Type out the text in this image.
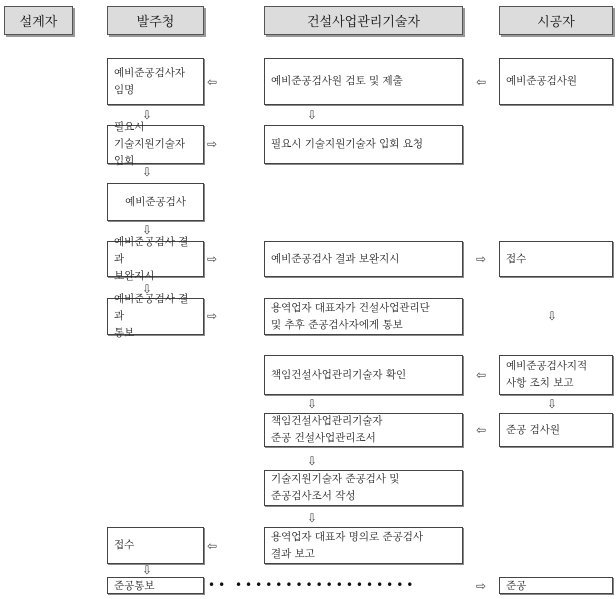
설계자	발주청	건설사업관리기술자	시공자
예비준공검사자 임명
예비준공검사원 검토 및 제출	예비준공검사원
⇦	⇦
⇩	⇩
필요시
기술지원기술자 입회
필요시 기술지원기술자 입회 요청
⇨
⇩
예비준공검사
⇩
예비준공검사 결과
보완지시
예비준공검사 결과 보완지시	접수
⇨	⇨
⇩
예비준공검사 결과
통보
용역업자 대표자가 건설사업관리단
및 추후 준공검사자에게 통보
⇨	⇩
책임건설사업관리기술자 확인
예비준공검사지적
사항 조치 보고
⇦
⇩	⇩
책임건설사업관리기술자
준공 건설사업관리조서
준공 검사원
⇦
⇩
기술지원기술자 준공검사 및
준공검사조서 작성
⇩
접수
용역업자 대표자 명의로 준공검사
결과 보고
⇦
⇩
준공통보	•• ••••••••••••••••••	⇨	준공
